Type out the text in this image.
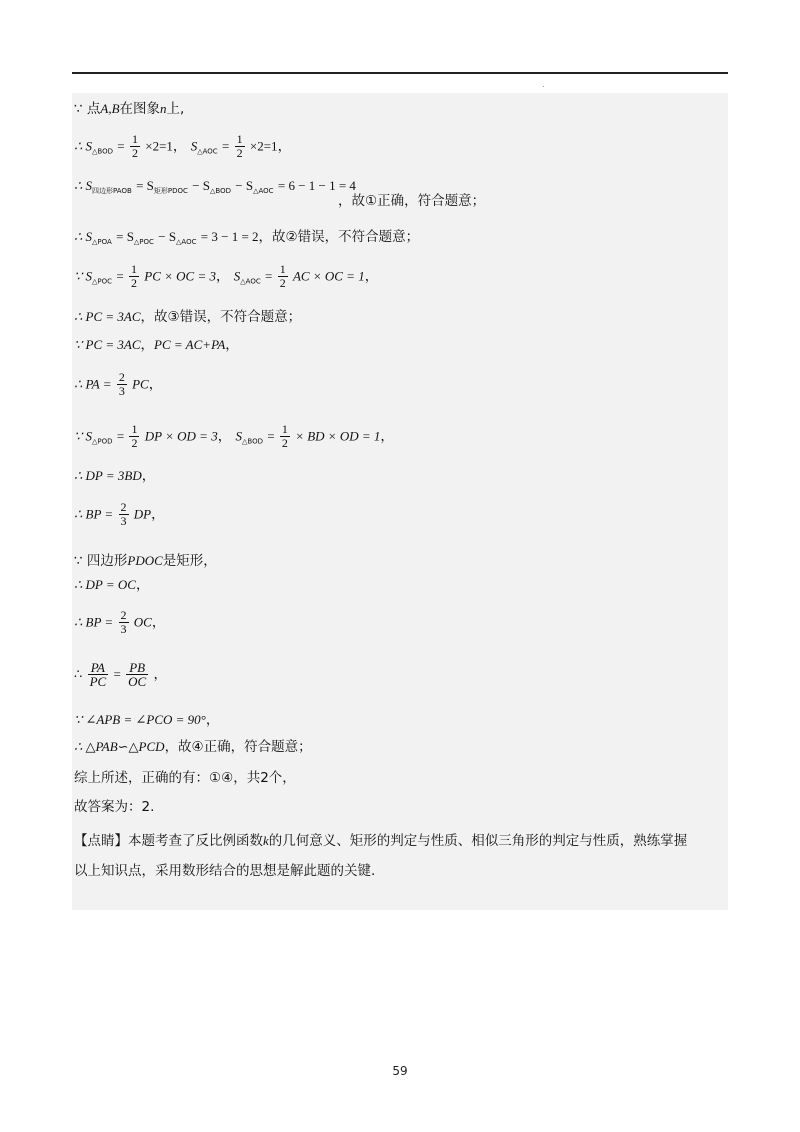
.
∵ 点A,B在图象n上,
∴ $S_{\triangle BOD} = \frac{1}{2} \times 2=1$， $S_{\triangle AOC} = \frac{1}{2} \times 2=1$，
∴ $S_{四边形PAOB} = S_{矩形PDOC} - S_{\triangle BOD} - S_{\triangle AOC} = 6 - 1 - 1 = 4$
，故①正确，符合题意；
∴ $S_{\triangle POA} = S_{\triangle POC} - S_{\triangle AOC} = 3 - 1 = 2$，故②错误，不符合题意；
∵ $S_{\triangle POC} = \frac{1}{2}$ PC × OC = 3， $S_{\triangle AOC} = \frac{1}{2}$ AC × OC = 1，
∴ PC = 3AC，故③错误，不符合题意；
∵ PC = 3AC，PC = AC+PA，
∴ PA = $\frac{2}{3}$ PC，
∵ $S_{\triangle POD} = \frac{1}{2}$ DP × OD = 3， $S_{\triangle BOD} = \frac{1}{2}$ × BD × OD = 1，
∴ DP = 3BD，
∴ BP = $\frac{2}{3}$ DP，
∵ 四边形PDOC是矩形，
∴ DP = OC，
∴ BP = $\frac{2}{3}$ OC，
∴ $\frac{PA}{PC} = \frac{PB}{OC}$ ，
∵ ∠APB = ∠PCO = 90°，
∴ △PAB∽△PCD，故④正确，符合题意；
综上所述，正确的有：①④，共2个，
故答案为：2.
【点睛】本题考查了反比例函数k的几何意义、矩形的判定与性质、相似三角形的判定与性质，熟练掌握
以上知识点，采用数形结合的思想是解此题的关键.
59
